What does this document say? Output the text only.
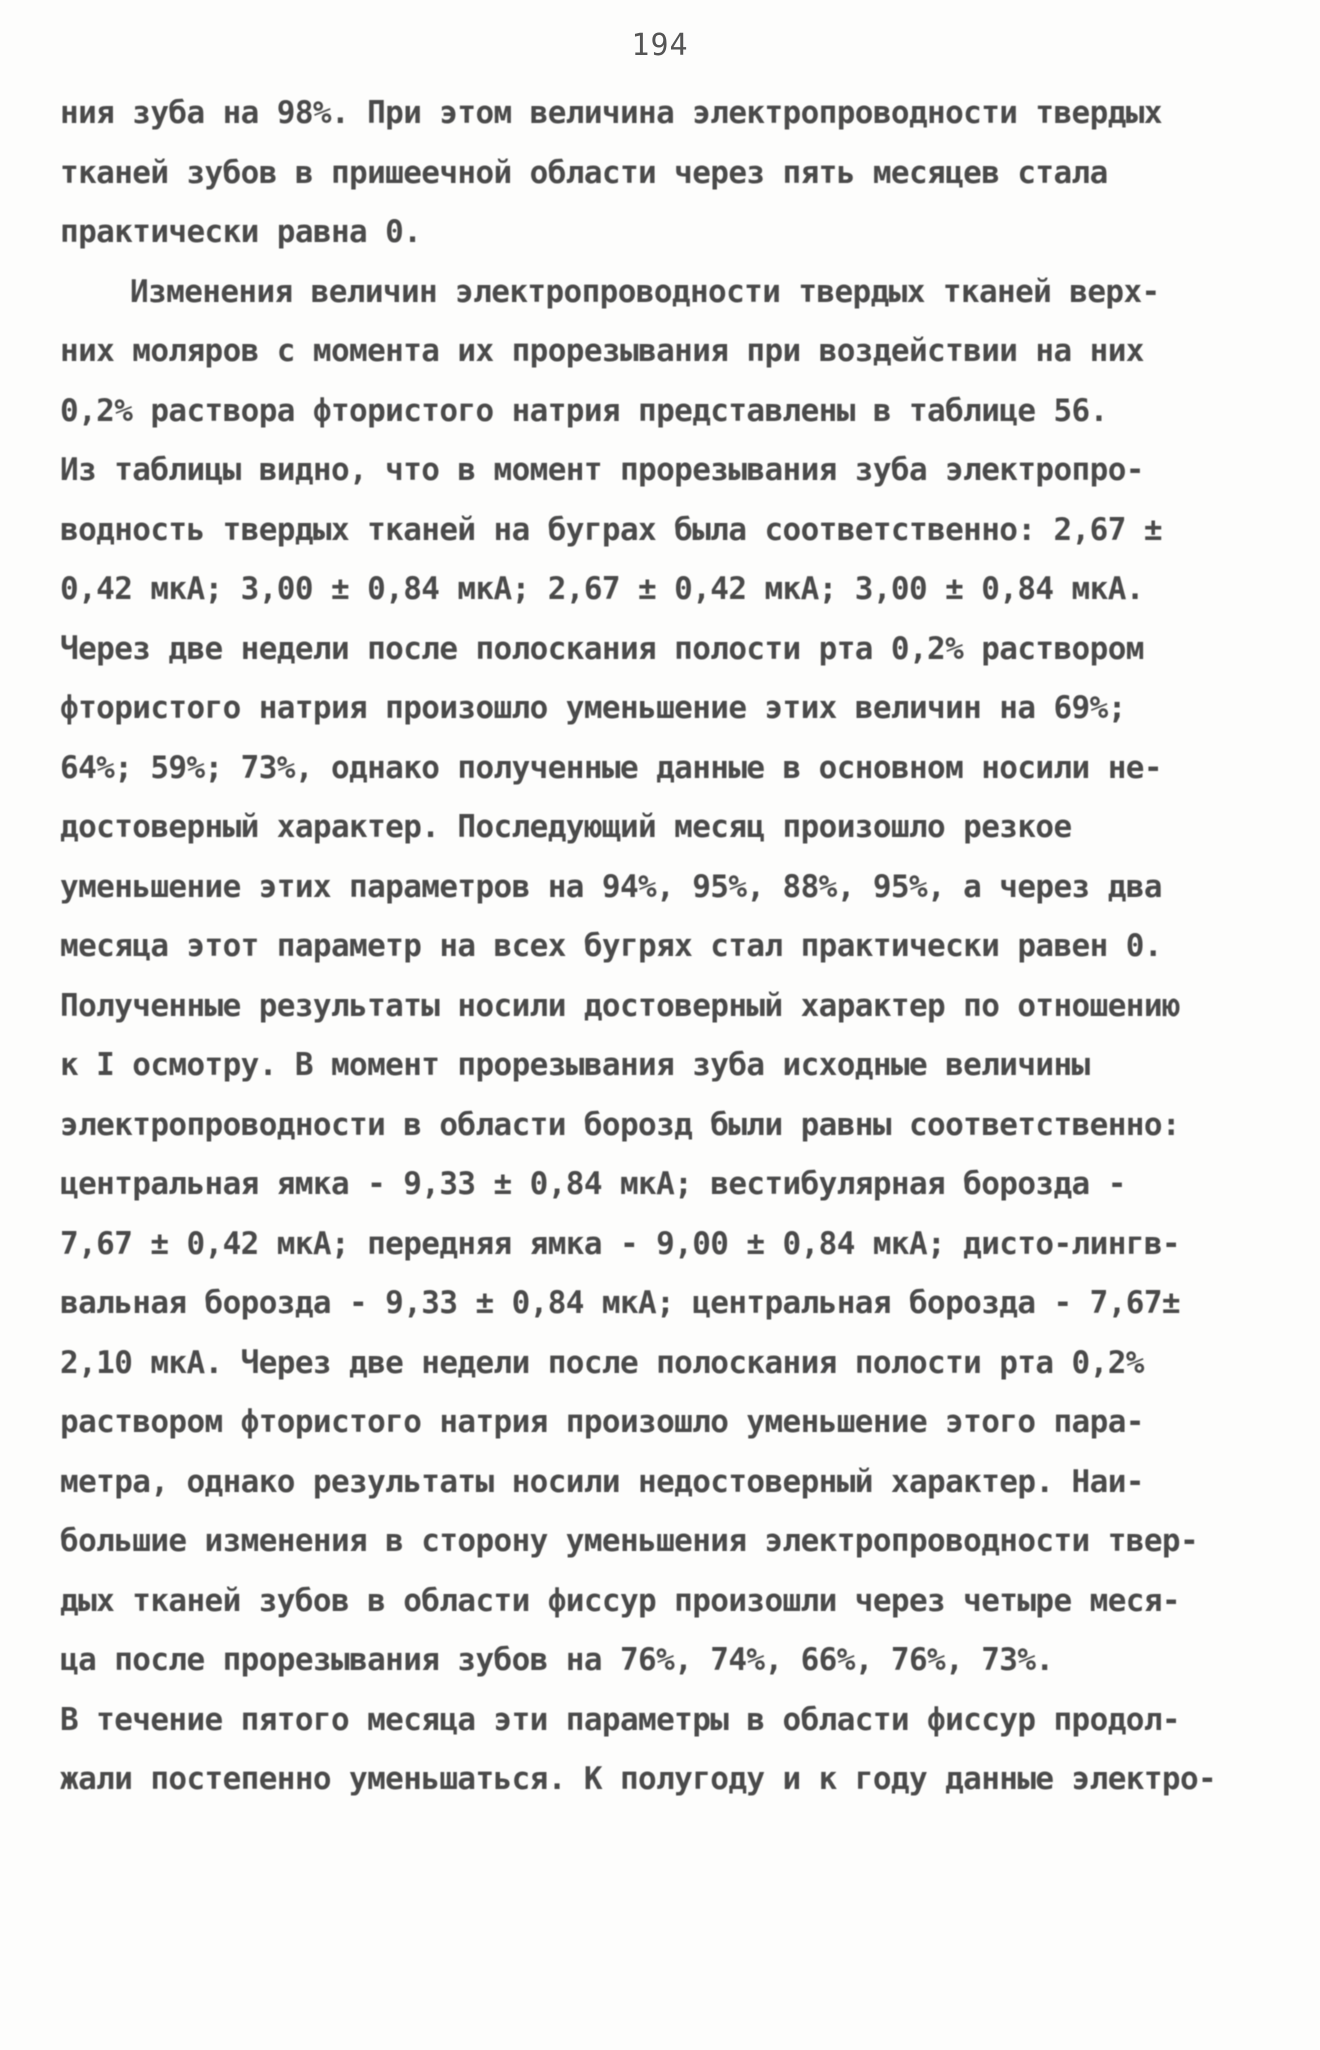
194
ния зуба на 98%. При этом величина электропроводности твердых
тканей зубов в пришеечной области через пять месяцев стала
практически равна 0.
Изменения величин электропроводности твердых тканей верх-
них моляров с момента их прорезывания при воздействии на них
0,2% раствора фтористого натрия представлены в таблице 56.
Из таблицы видно, что в момент прорезывания зуба электропро-
водность твердых тканей на буграх была соответственно: 2,67 ±
0,42 мкА; 3,00 ± 0,84 мкА; 2,67 ± 0,42 мкА; 3,00 ± 0,84 мкА.
Через две недели после полоскания полости рта 0,2% раствором
фтористого натрия произошло уменьшение этих величин на 69%;
64%; 59%; 73%, однако полученные данные в основном носили не-
достоверный характер. Последующий месяц произошло резкое
уменьшение этих параметров на 94%, 95%, 88%, 95%, а через два
месяца этот параметр на всех бугрях стал практически равен 0.
Полученные результаты носили достоверный характер по отношению
к I осмотру. В момент прорезывания зуба исходные величины
электропроводности в области борозд были равны соответственно:
центральная ямка - 9,33 ± 0,84 мкА; вестибулярная борозда -
7,67 ± 0,42 мкА; передняя ямка - 9,00 ± 0,84 мкА; дисто-лингв-
вальная борозда - 9,33 ± 0,84 мкА; центральная борозда - 7,67±
2,10 мкА. Через две недели после полоскания полости рта 0,2%
раствором фтористого натрия произошло уменьшение этого пара-
метра, однако результаты носили недостоверный характер. Наи-
большие изменения в сторону уменьшения электропроводности твер-
дых тканей зубов в области фиссур произошли через четыре меся-
ца после прорезывания зубов на 76%, 74%, 66%, 76%, 73%.
В течение пятого месяца эти параметры в области фиссур продол-
жали постепенно уменьшаться. К полугоду и к году данные электро-
